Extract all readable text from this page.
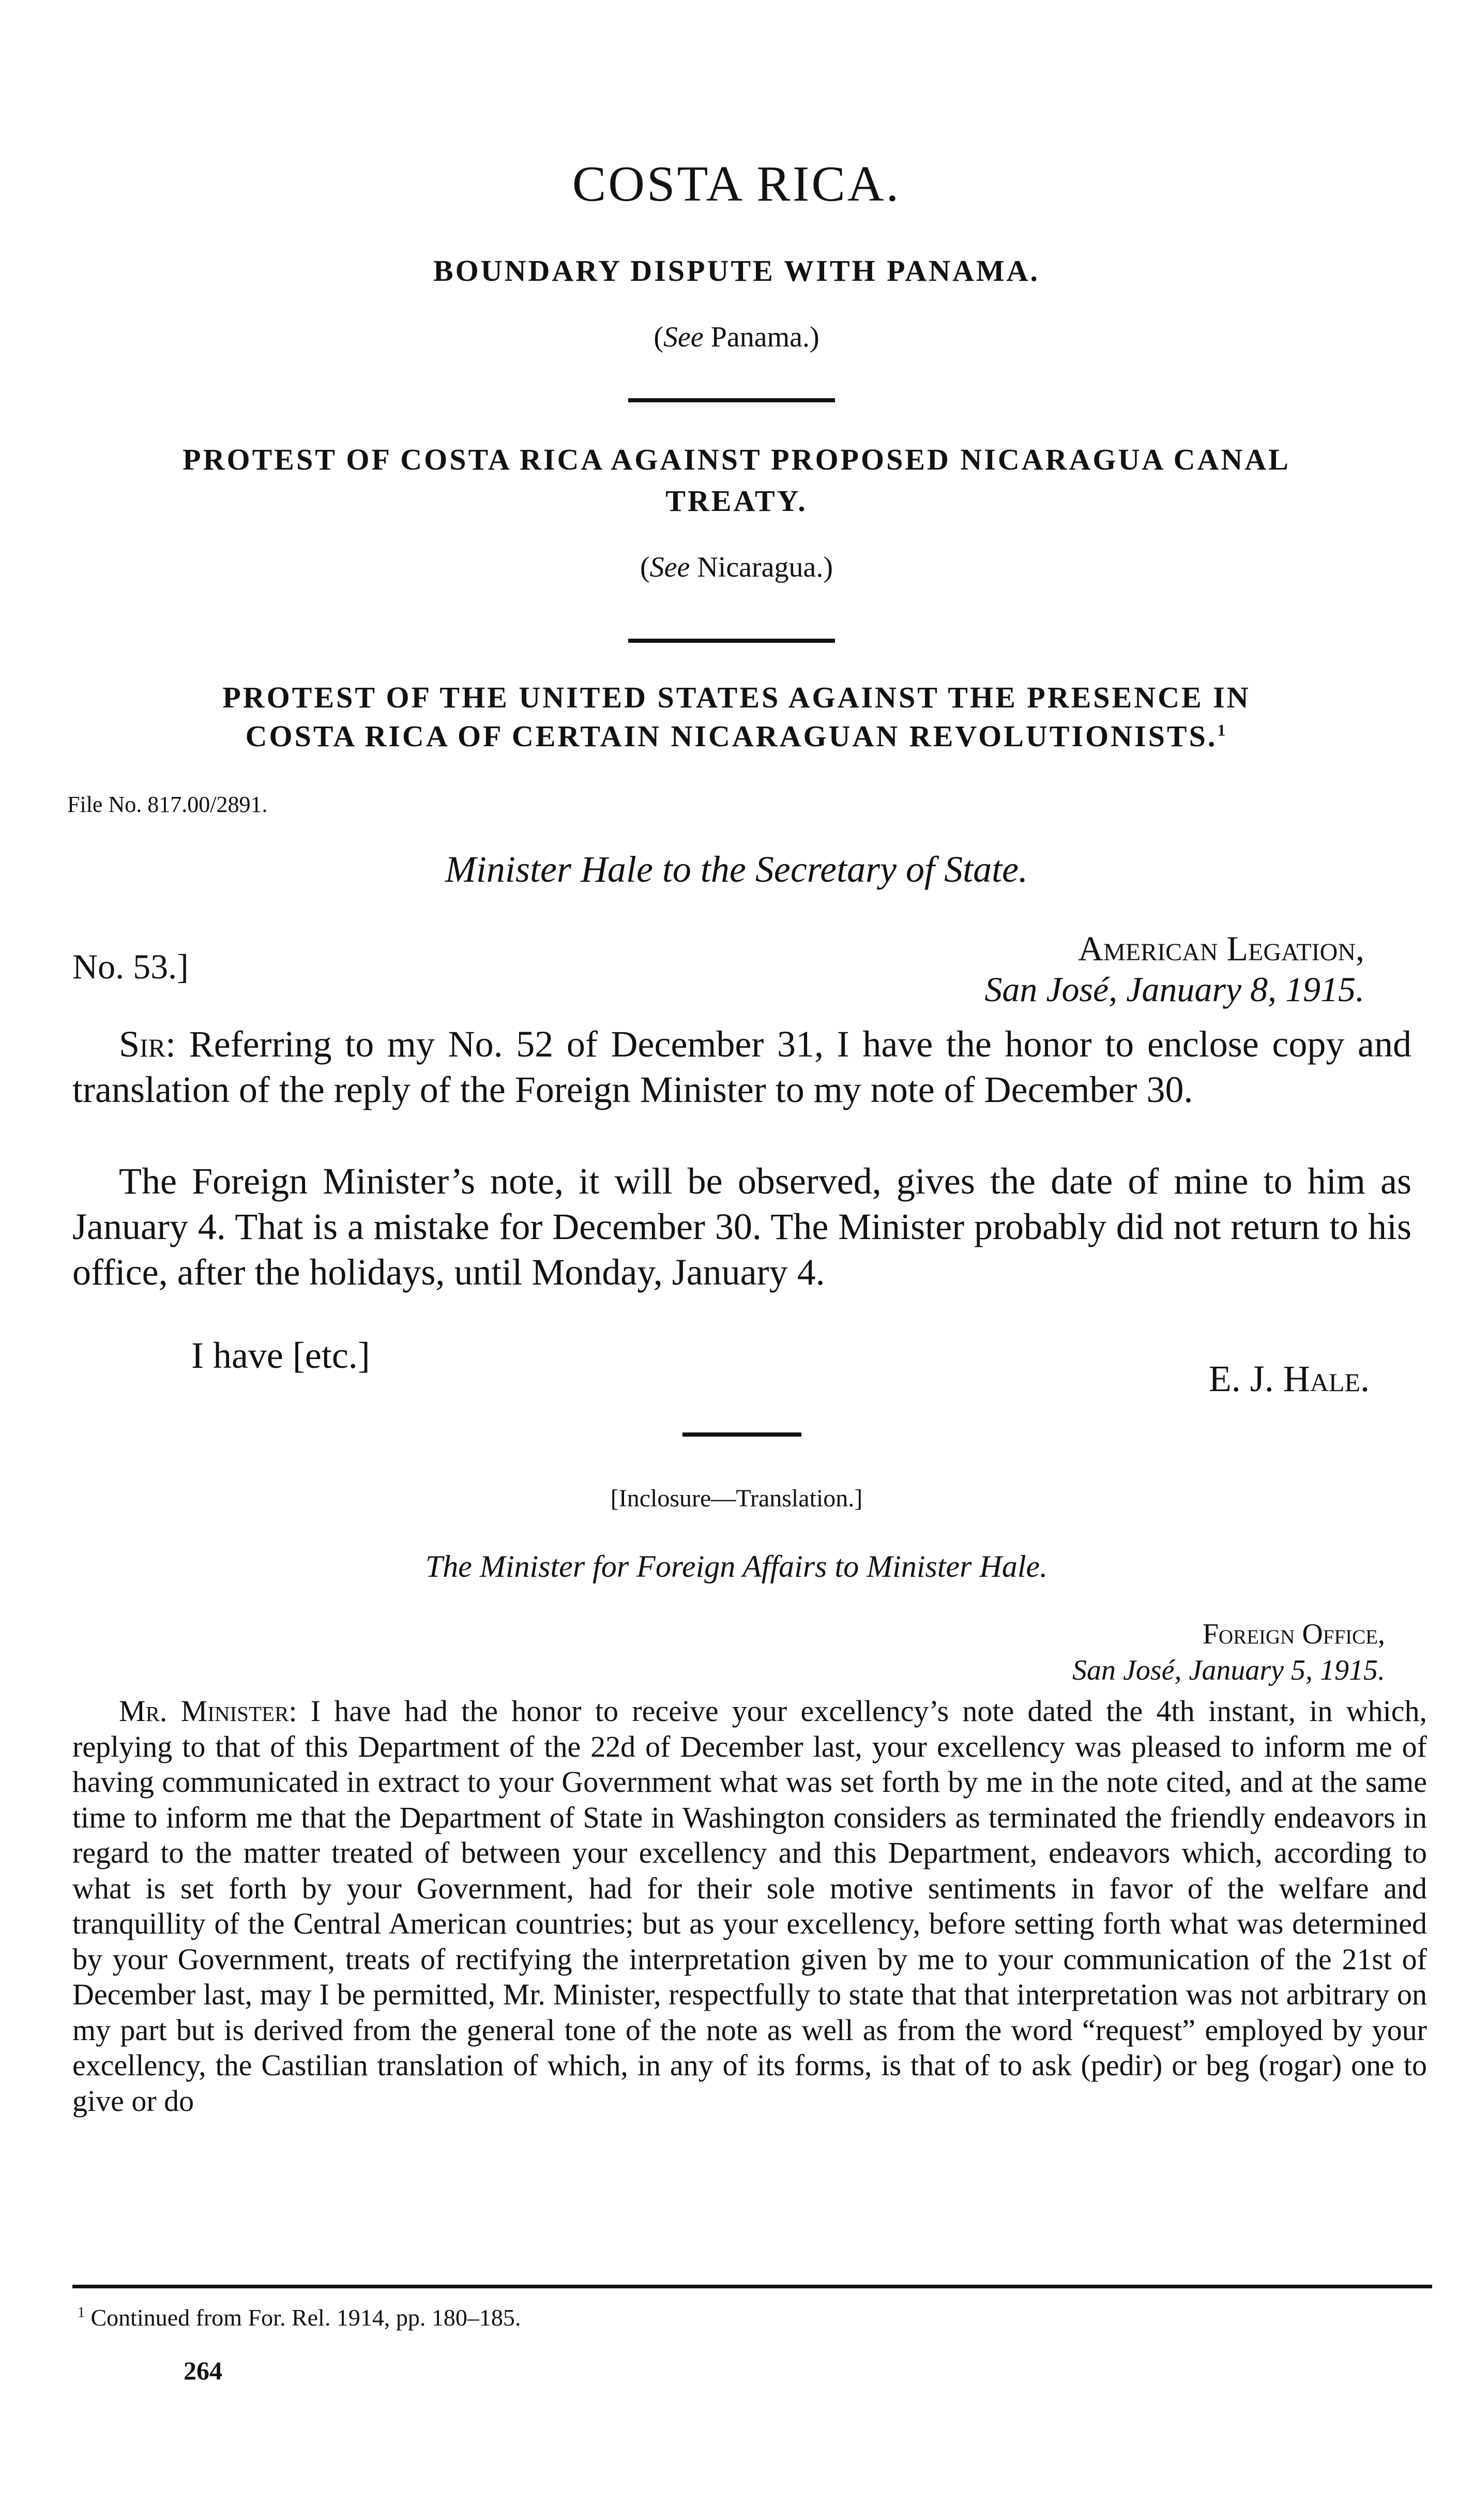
COSTA RICA.
BOUNDARY DISPUTE WITH PANAMA.
(See Panama.)
PROTEST OF COSTA RICA AGAINST PROPOSED NICARAGUA CANAL
TREATY.
(See Nicaragua.)
PROTEST OF THE UNITED STATES AGAINST THE PRESENCE IN
COSTA RICA OF CERTAIN NICARAGUAN REVOLUTIONISTS.$^1$
File No. 817.00/2891.
Minister Hale to the Secretary of State.
No. 53.]	American Legation,
San José, January 8, 1915.

Sir: Referring to my No. 52 of December 31, I have the honor to enclose copy and translation of the reply of the Foreign Minister to my note of December 30.

The Foreign Minister’s note, it will be observed, gives the date of mine to him as January 4. That is a mistake for December 30. The Minister probably did not return to his office, after the holidays, until Monday, January 4.

I have [etc.]
E. J. Hale.
[Inclosure—Translation.]
The Minister for Foreign Affairs to Minister Hale.
Foreign Office,
San José, January 5, 1915.

Mr. Minister: I have had the honor to receive your excellency’s note dated the 4th instant, in which, replying to that of this Department of the 22d of December last, your excellency was pleased to inform me of having communicated in extract to your Government what was set forth by me in the note cited, and at the same time to inform me that the Department of State in Washington considers as terminated the friendly endeavors in regard to the matter treated of between your excellency and this Department, endeavors which, according to what is set forth by your Government, had for their sole motive sentiments in favor of the welfare and tranquillity of the Central American countries; but as your excellency, before setting forth what was determined by your Government, treats of rectifying the interpretation given by me to your communication of the 21st of December last, may I be permitted, Mr. Minister, respectfully to state that that interpretation was not arbitrary on my part but is derived from the general tone of the note as well as from the word “request” employed by your excellency, the Castilian translation of which, in any of its forms, is that of to ask (pedir) or beg (rogar) one to give or do

$^1$ Continued from For. Rel. 1914, pp. 180–185.
264
